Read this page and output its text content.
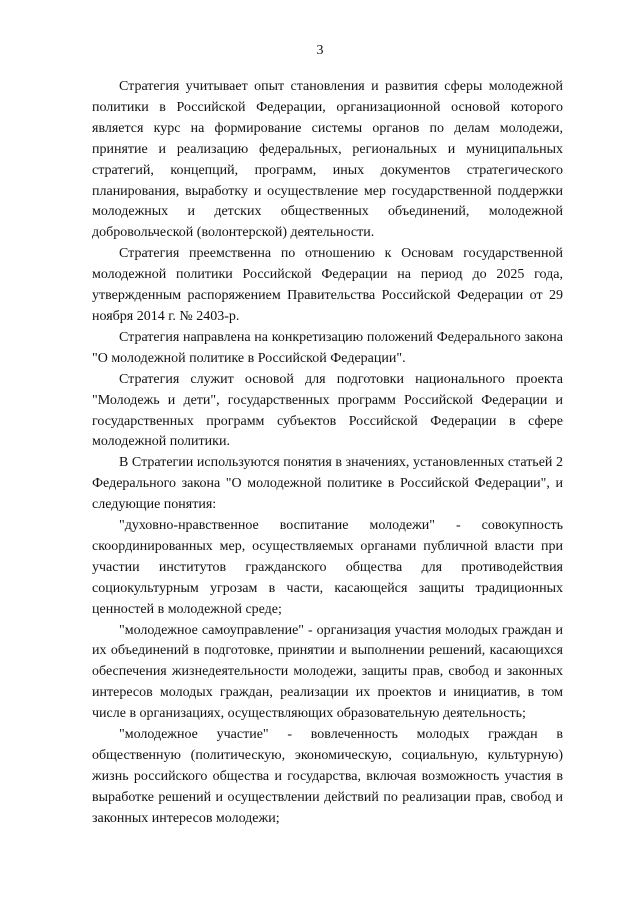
3

Стратегия учитывает опыт становления и развития сферы молодежной политики в Российской Федерации, организационной основой которого является курс на формирование системы органов по делам молодежи, принятие и реализацию федеральных, региональных и муниципальных стратегий, концепций, программ, иных документов стратегического планирования, выработку и осуществление мер государственной поддержки молодежных и детских общественных объединений, молодежной добровольческой (волонтерской) деятельности.

Стратегия преемственна по отношению к Основам государственной молодежной политики Российской Федерации на период до 2025 года, утвержденным распоряжением Правительства Российской Федерации от 29 ноября 2014 г. № 2403-р.

Стратегия направлена на конкретизацию положений Федерального закона "О молодежной политике в Российской Федерации".

Стратегия служит основой для подготовки национального проекта "Молодежь и дети", государственных программ Российской Федерации и государственных программ субъектов Российской Федерации в сфере молодежной политики.

В Стратегии используются понятия в значениях, установленных статьей 2 Федерального закона "О молодежной политике в Российской Федерации", и следующие понятия:

"духовно-нравственное воспитание молодежи" - совокупность скоординированных мер, осуществляемых органами публичной власти при участии институтов гражданского общества для противодействия социокультурным угрозам в части, касающейся защиты традиционных ценностей в молодежной среде;

"молодежное самоуправление" - организация участия молодых граждан и их объединений в подготовке, принятии и выполнении решений, касающихся обеспечения жизнедеятельности молодежи, защиты прав, свобод и законных интересов молодых граждан, реализации их проектов и инициатив, в том числе в организациях, осуществляющих образовательную деятельность;

"молодежное участие" - вовлеченность молодых граждан в общественную (политическую, экономическую, социальную, культурную) жизнь российского общества и государства, включая возможность участия в выработке решений и осуществлении действий по реализации прав, свобод и законных интересов молодежи;
